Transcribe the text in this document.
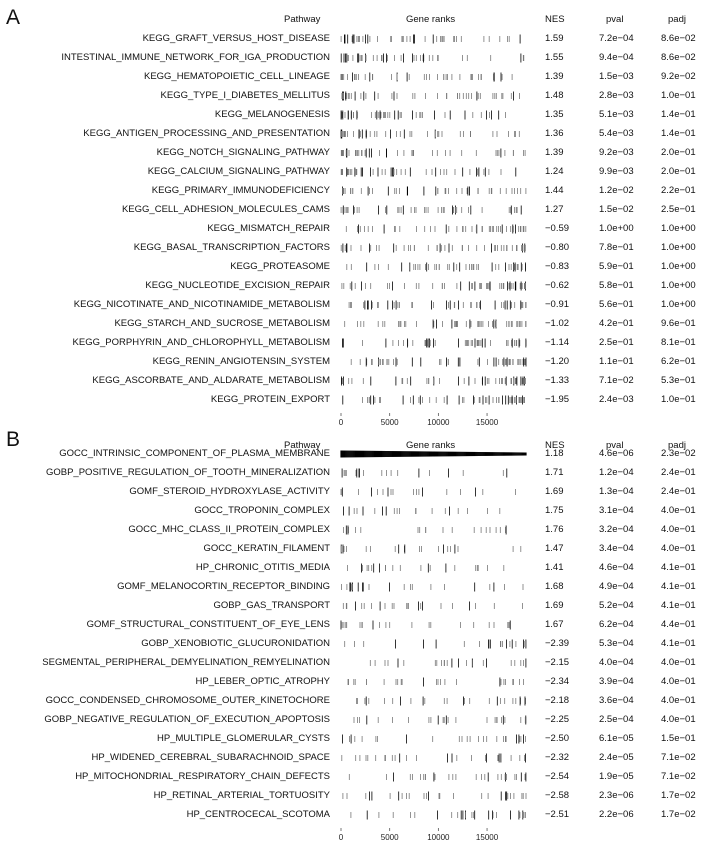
A	Pathway	Gene ranks	NES	pval	padj
KEGG_GRAFT_VERSUS_HOST_DISEASE	1.59	7.2e−04	8.6e−02
INTESTINAL_IMMUNE_NETWORK_FOR_IGA_PRODUCTION	1.55	9.4e−04	8.6e−02
KEGG_HEMATOPOIETIC_CELL_LINEAGE	1.39	1.5e−03	9.2e−02
KEGG_TYPE_I_DIABETES_MELLITUS	1.48	2.8e−03	1.0e−01
KEGG_MELANOGENESIS	1.35	5.1e−03	1.4e−01
KEGG_ANTIGEN_PROCESSING_AND_PRESENTATION	1.36	5.4e−03	1.4e−01
KEGG_NOTCH_SIGNALING_PATHWAY	1.39	9.2e−03	2.0e−01
KEGG_CALCIUM_SIGNALING_PATHWAY	1.24	9.9e−03	2.0e−01
KEGG_PRIMARY_IMMUNODEFICIENCY	1.44	1.2e−02	2.2e−01
KEGG_CELL_ADHESION_MOLECULES_CAMS	1.27	1.5e−02	2.5e−01
KEGG_MISMATCH_REPAIR	−0.59	1.0e+00	1.0e+00
KEGG_BASAL_TRANSCRIPTION_FACTORS	−0.80	7.8e−01	1.0e+00
KEGG_PROTEASOME	−0.83	5.9e−01	1.0e+00
KEGG_NUCLEOTIDE_EXCISION_REPAIR	−0.62	5.8e−01	1.0e+00
KEGG_NICOTINATE_AND_NICOTINAMIDE_METABOLISM	−0.91	5.6e−01	1.0e+00
KEGG_STARCH_AND_SUCROSE_METABOLISM	−1.02	4.2e−01	9.6e−01
KEGG_PORPHYRIN_AND_CHLOROPHYLL_METABOLISM	−1.14	2.5e−01	8.1e−01
KEGG_RENIN_ANGIOTENSIN_SYSTEM	−1.20	1.1e−01	6.2e−01
KEGG_ASCORBATE_AND_ALDARATE_METABOLISM	−1.33	7.1e−02	5.3e−01
KEGG_PROTEIN_EXPORT	−1.95	2.4e−03	1.0e−01
0	5000	10000	15000
B	Pathway	Gene ranks	NES	pval	padj
GOCC_INTRINSIC_COMPONENT_OF_PLASMA_MEMBRANE	1.18	4.6e−06	2.3e−02
GOBP_POSITIVE_REGULATION_OF_TOOTH_MINERALIZATION	1.71	1.2e−04	2.4e−01
GOMF_STEROID_HYDROXYLASE_ACTIVITY	1.69	1.3e−04	2.4e−01
GOCC_TROPONIN_COMPLEX	1.75	3.1e−04	4.0e−01
GOCC_MHC_CLASS_II_PROTEIN_COMPLEX	1.76	3.2e−04	4.0e−01
GOCC_KERATIN_FILAMENT	1.47	3.4e−04	4.0e−01
HP_CHRONIC_OTITIS_MEDIA	1.41	4.6e−04	4.1e−01
GOMF_MELANOCORTIN_RECEPTOR_BINDING	1.68	4.9e−04	4.1e−01
GOBP_GAS_TRANSPORT	1.69	5.2e−04	4.1e−01
GOMF_STRUCTURAL_CONSTITUENT_OF_EYE_LENS	1.67	6.2e−04	4.4e−01
GOBP_XENOBIOTIC_GLUCURONIDATION	−2.39	5.3e−04	4.1e−01
SEGMENTAL_PERIPHERAL_DEMYELINATION_REMYELINATION	−2.15	4.0e−04	4.0e−01
HP_LEBER_OPTIC_ATROPHY	−2.34	3.9e−04	4.0e−01
GOCC_CONDENSED_CHROMOSOME_OUTER_KINETOCHORE	−2.18	3.6e−04	4.0e−01
GOBP_NEGATIVE_REGULATION_OF_EXECUTION_APOPTOSIS	−2.25	2.5e−04	4.0e−01
HP_MULTIPLE_GLOMERULAR_CYSTS	−2.50	6.1e−05	1.5e−01
HP_WIDENED_CEREBRAL_SUBARACHNOID_SPACE	−2.32	2.4e−05	7.1e−02
HP_MITOCHONDRIAL_RESPIRATORY_CHAIN_DEFECTS	−2.54	1.9e−05	7.1e−02
HP_RETINAL_ARTERIAL_TORTUOSITY	−2.58	2.3e−06	1.7e−02
HP_CENTROCECAL_SCOTOMA	−2.51	2.2e−06	1.7e−02
0	5000	10000	15000
